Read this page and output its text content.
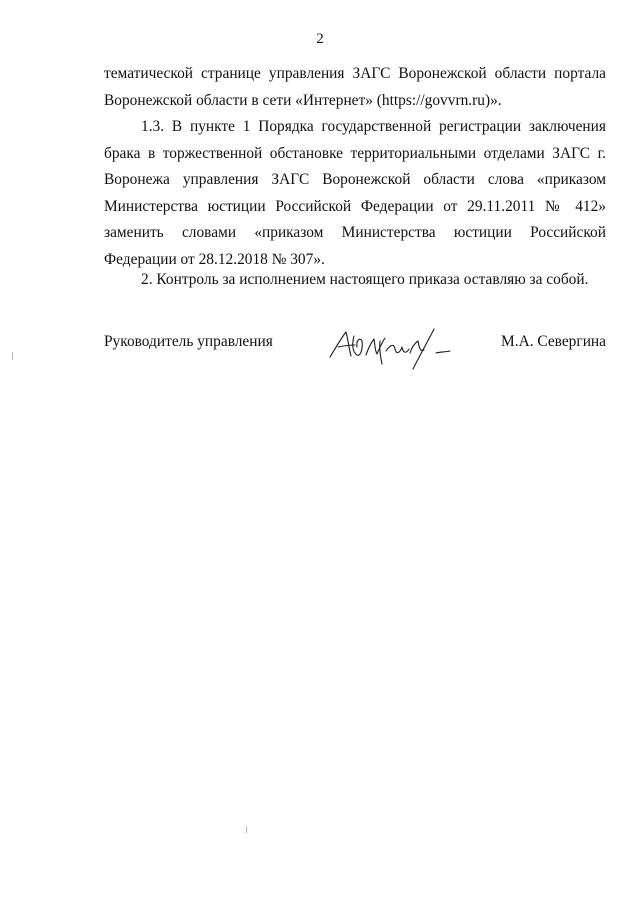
2

тематической странице управления ЗАГС Воронежской области портала Воронежской области в сети «Интернет» (https://govvrn.ru)».

1.3. В пункте 1 Порядка государственной регистрации заключения брака в торжественной обстановке территориальными отделами ЗАГС г. Воронежа управления ЗАГС Воронежской области слова «приказом Министерства юстиции Российской Федерации от 29.11.2011 № 412» заменить словами «приказом Министерства юстиции Российской Федерации от 28.12.2018 № 307».

2. Контроль за исполнением настоящего приказа оставляю за собой.

Руководитель управления	М.А. Севергина
